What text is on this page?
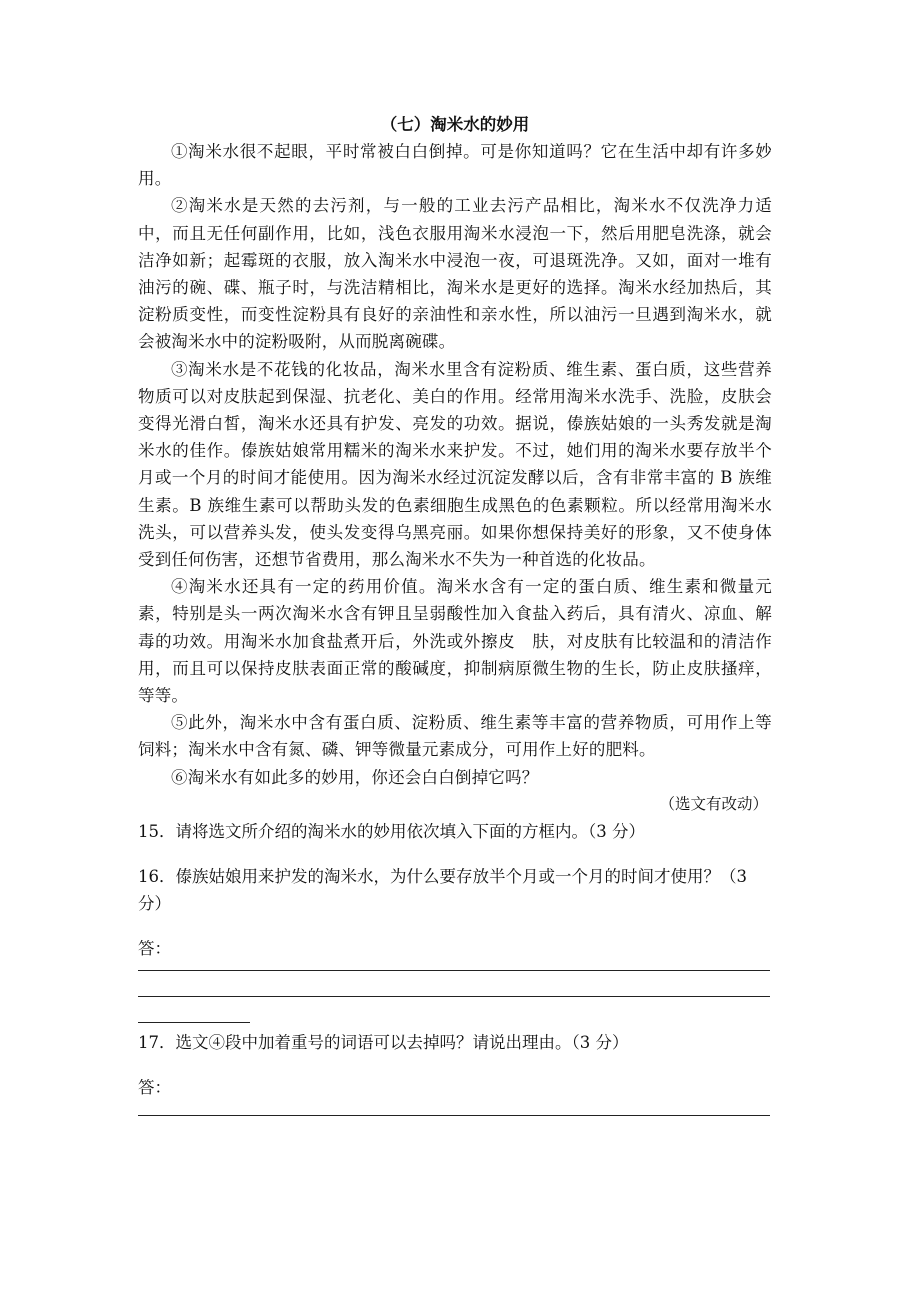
（七）淘米水的妙用

①淘米水很不起眼，平时常被白白倒掉。可是你知道吗？它在生活中却有许多妙用。

②淘米水是天然的去污剂，与一般的工业去污产品相比，淘米水不仅洗净力适中，而且无任何副作用，比如，浅色衣服用淘米水浸泡一下，然后用肥皂洗涤，就会洁净如新；起霉斑的衣服，放入淘米水中浸泡一夜，可退斑洗净。又如，面对一堆有油污的碗、碟、瓶子时，与洗洁精相比，淘米水是更好的选择。淘米水经加热后，其淀粉质变性，而变性淀粉具有良好的亲油性和亲水性，所以油污一旦遇到淘米水，就会被淘米水中的淀粉吸附，从而脱离碗碟。

③淘米水是不花钱的化妆品，淘米水里含有淀粉质、维生素、蛋白质，这些营养物质可以对皮肤起到保湿、抗老化、美白的作用。经常用淘米水洗手、洗脸，皮肤会变得光滑白皙，淘米水还具有护发、亮发的功效。据说，傣族姑娘的一头秀发就是淘米水的佳作。傣族姑娘常用糯米的淘米水来护发。不过，她们用的淘米水要存放半个月或一个月的时间才能使用。因为淘米水经过沉淀发酵以后，含有非常丰富的 B 族维生素。B 族维生素可以帮助头发的色素细胞生成黑色的色素颗粒。所以经常用淘米水洗头，可以营养头发，使头发变得乌黑亮丽。如果你想保持美好的形象，又不使身体受到任何伤害，还想节省费用，那么淘米水不失为一种首选的化妆品。

④淘米水还具有一定的药用价值。淘米水含有一定的蛋白质、维生素和微量元素，特别是头一两次淘米水含有钾且呈弱酸性加入食盐入药后，具有清火、凉血、解毒的功效。用淘米水加食盐煮开后，外洗或外擦皮　肤，对皮肤有比较温和的清洁作用，而且可以保持皮肤表面正常的酸碱度，抑制病原微生物的生长，防止皮肤搔痒，等等。

⑤此外，淘米水中含有蛋白质、淀粉质、维生素等丰富的营养物质，可用作上等饲料；淘米水中含有氮、磷、钾等微量元素成分，可用作上好的肥料。

⑥淘米水有如此多的妙用，你还会白白倒掉它吗？

（选文有改动）

15．请将选文所介绍的淘米水的妙用依次填入下面的方框内。（3 分）

16．傣族姑娘用来护发的淘米水，为什么要存放半个月或一个月的时间才使用？（3 分）

答：

17．选文④段中加着重号的词语可以去掉吗？请说出理由。（3 分）

答：
